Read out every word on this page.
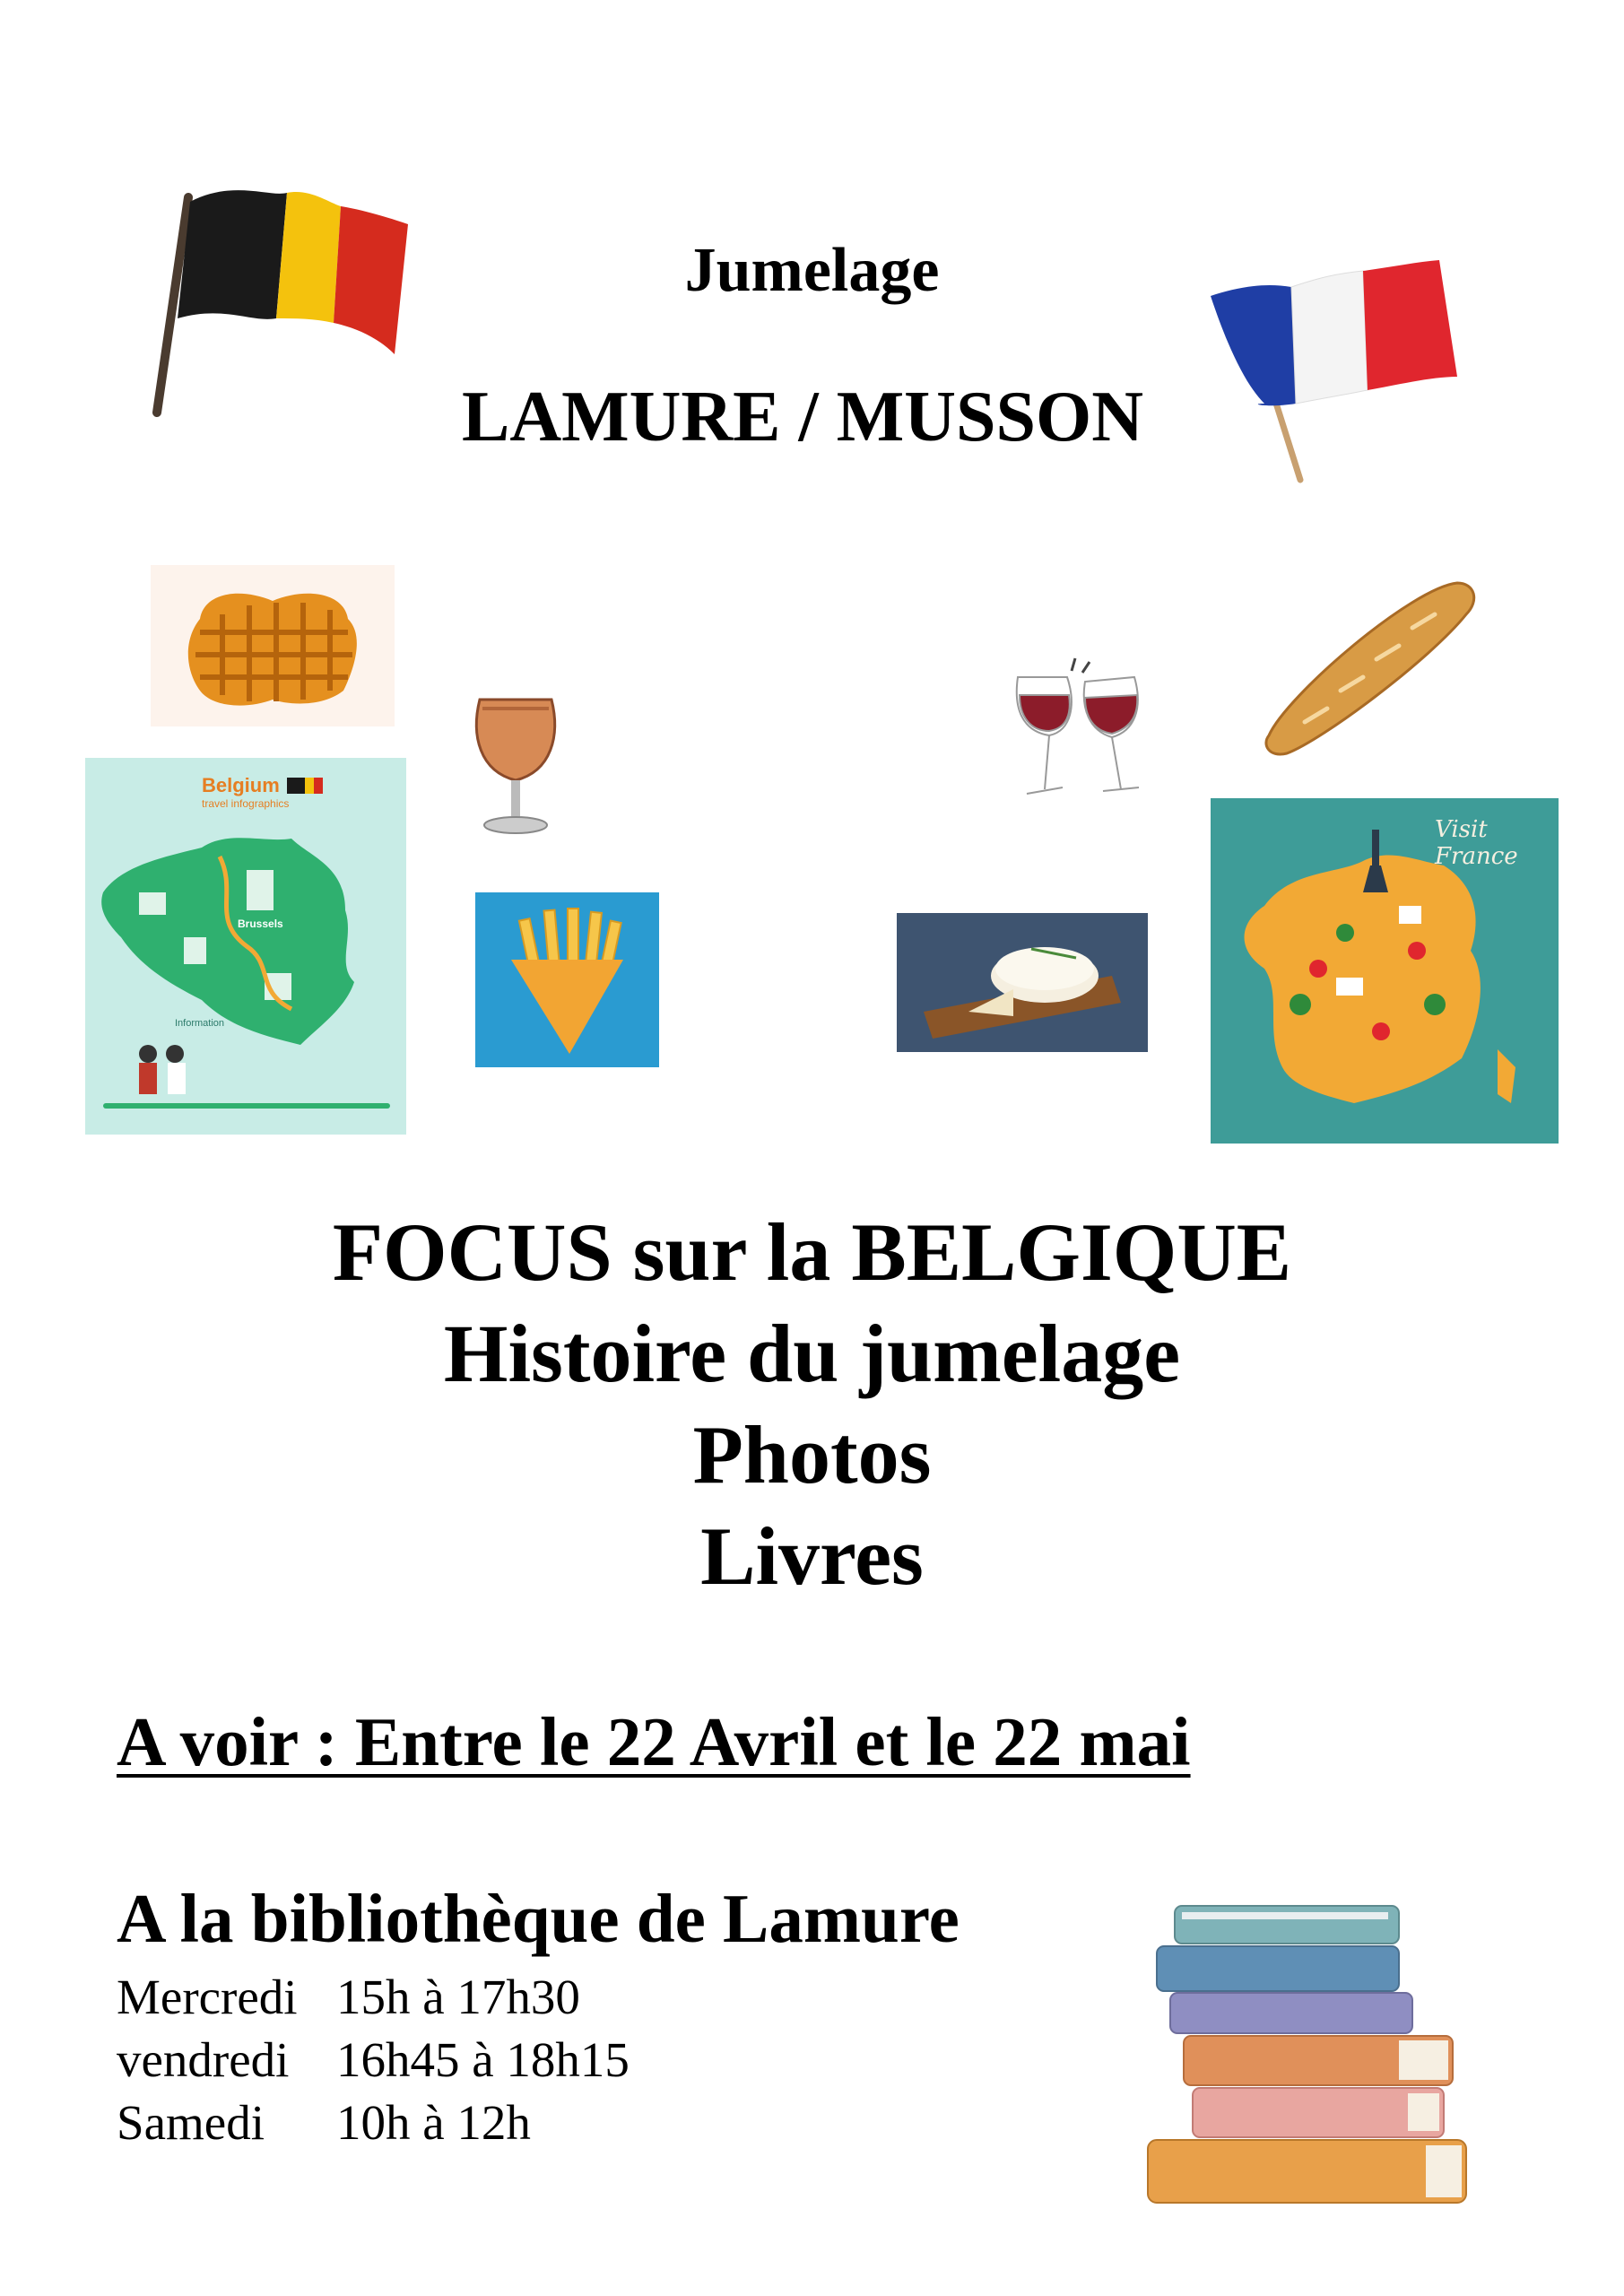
Jumelage
LAMURE / MUSSON
Belgium
travel infographics
Brussels
Information
Visit France
FOCUS sur la BELGIQUE
Histoire du jumelage
Photos
Livres
A voir : Entre le 22 Avril et le 22 mai
A la bibliothèque de Lamure
Mercredi 15h à 17h30
vendredi 16h45 à 18h15
Samedi 10h à 12h
